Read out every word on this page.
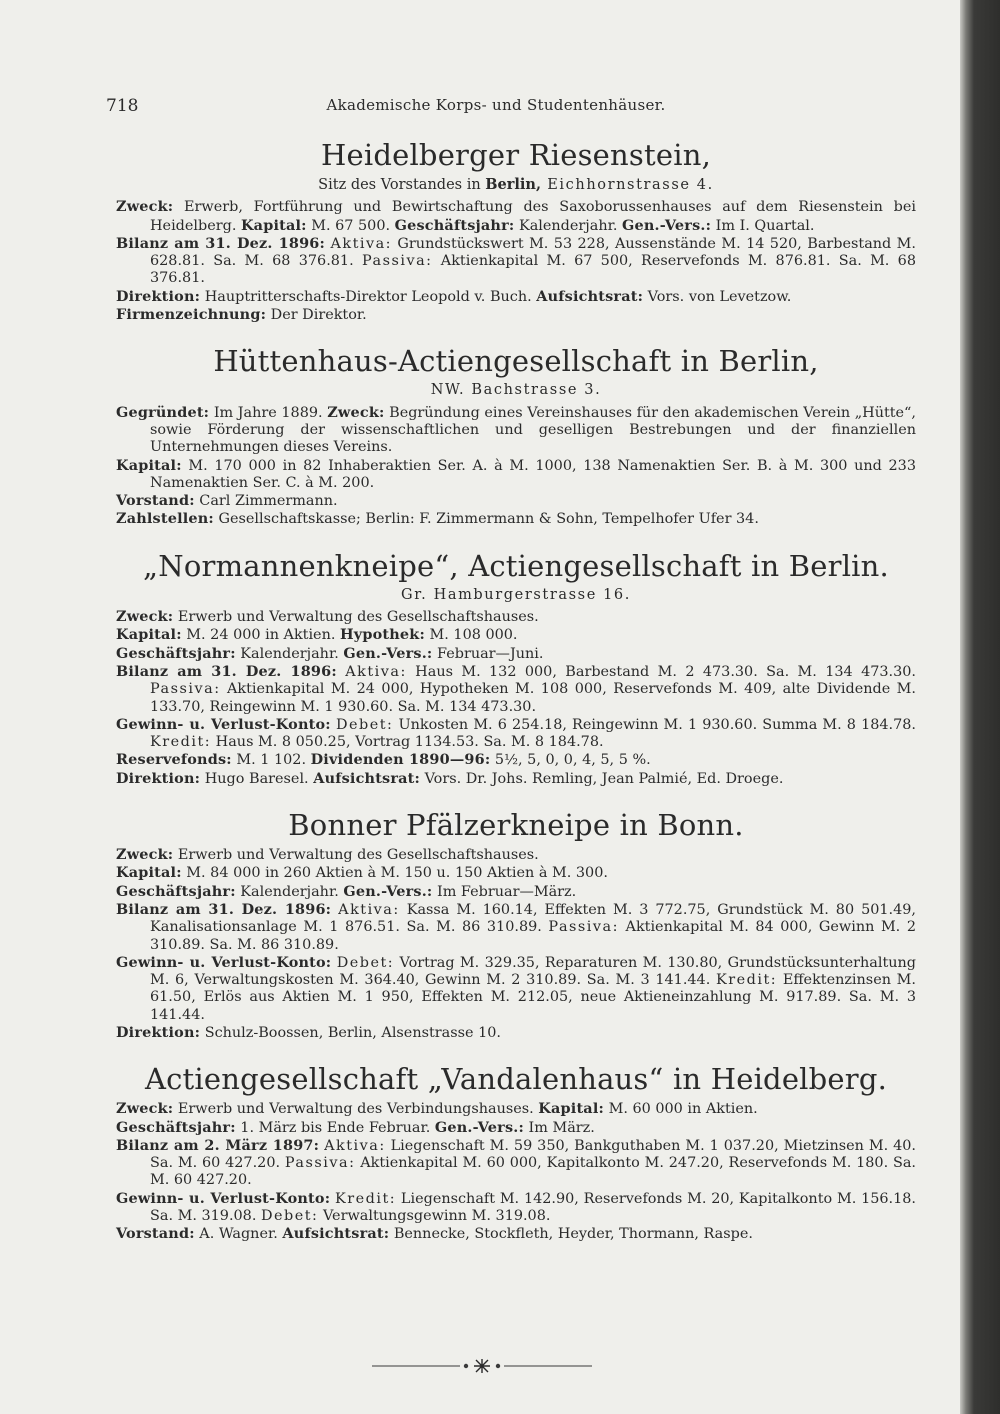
718	Akademische Korps- und Studentenhäuser.
Heidelberger Riesenstein,
Sitz des Vorstandes in Berlin, Eichhornstrasse 4.
Zweck: Erwerb, Fortführung und Bewirtschaftung des Saxoborussenhauses auf dem Riesenstein bei Heidelberg. Kapital: M. 67 500. Geschäftsjahr: Kalenderjahr. Gen.-Vers.: Im I. Quartal.
Bilanz am 31. Dez. 1896: Aktiva: Grundstückswert M. 53 228, Aussenstände M. 14 520, Barbestand M. 628.81. Sa. M. 68 376.81. Passiva: Aktienkapital M. 67 500, Reservefonds M. 876.81. Sa. M. 68 376.81.
Direktion: Hauptritterschafts-Direktor Leopold v. Buch. Aufsichtsrat: Vors. von Levetzow.
Firmenzeichnung: Der Direktor.
Hüttenhaus-Actiengesellschaft in Berlin,
NW. Bachstrasse 3.
Gegründet: Im Jahre 1889. Zweck: Begründung eines Vereinshauses für den akademischen Verein „Hütte“, sowie Förderung der wissenschaftlichen und geselligen Bestrebungen und der finanziellen Unternehmungen dieses Vereins.
Kapital: M. 170 000 in 82 Inhaberaktien Ser. A. à M. 1000, 138 Namenaktien Ser. B. à M. 300 und 233 Namenaktien Ser. C. à M. 200.
Vorstand: Carl Zimmermann.
Zahlstellen: Gesellschaftskasse; Berlin: F. Zimmermann & Sohn, Tempelhofer Ufer 34.
„Normannenkneipe“, Actiengesellschaft in Berlin.
Gr. Hamburgerstrasse 16.
Zweck: Erwerb und Verwaltung des Gesellschaftshauses.
Kapital: M. 24 000 in Aktien. Hypothek: M. 108 000.
Geschäftsjahr: Kalenderjahr. Gen.-Vers.: Februar—Juni.
Bilanz am 31. Dez. 1896: Aktiva: Haus M. 132 000, Barbestand M. 2 473.30. Sa. M. 134 473.30. Passiva: Aktienkapital M. 24 000, Hypotheken M. 108 000, Reservefonds M. 409, alte Dividende M. 133.70, Reingewinn M. 1 930.60. Sa. M. 134 473.30.
Gewinn- u. Verlust-Konto: Debet: Unkosten M. 6 254.18, Reingewinn M. 1 930.60. Summa M. 8 184.78. Kredit: Haus M. 8 050.25, Vortrag 1134.53. Sa. M. 8 184.78.
Reservefonds: M. 1 102. Dividenden 1890—96: 5½, 5, 0, 0, 4, 5, 5 %.
Direktion: Hugo Baresel. Aufsichtsrat: Vors. Dr. Johs. Remling, Jean Palmié, Ed. Droege.
Bonner Pfälzerkneipe in Bonn.
Zweck: Erwerb und Verwaltung des Gesellschaftshauses.
Kapital: M. 84 000 in 260 Aktien à M. 150 u. 150 Aktien à M. 300.
Geschäftsjahr: Kalenderjahr. Gen.-Vers.: Im Februar—März.
Bilanz am 31. Dez. 1896: Aktiva: Kassa M. 160.14, Effekten M. 3 772.75, Grundstück M. 80 501.49, Kanalisationsanlage M. 1 876.51. Sa. M. 86 310.89. Passiva: Aktienkapital M. 84 000, Gewinn M. 2 310.89. Sa. M. 86 310.89.
Gewinn- u. Verlust-Konto: Debet: Vortrag M. 329.35, Reparaturen M. 130.80, Grundstücksunterhaltung M. 6, Verwaltungskosten M. 364.40, Gewinn M. 2 310.89. Sa. M. 3 141.44. Kredit: Effektenzinsen M. 61.50, Erlös aus Aktien M. 1 950, Effekten M. 212.05, neue Aktieneinzahlung M. 917.89. Sa. M. 3 141.44.
Direktion: Schulz-Boossen, Berlin, Alsenstrasse 10.
Actiengesellschaft „Vandalenhaus“ in Heidelberg.
Zweck: Erwerb und Verwaltung des Verbindungshauses. Kapital: M. 60 000 in Aktien.
Geschäftsjahr: 1. März bis Ende Februar. Gen.-Vers.: Im März.
Bilanz am 2. März 1897: Aktiva: Liegenschaft M. 59 350, Bankguthaben M. 1 037.20, Mietzinsen M. 40. Sa. M. 60 427.20. Passiva: Aktienkapital M. 60 000, Kapitalkonto M. 247.20, Reservefonds M. 180. Sa. M. 60 427.20.
Gewinn- u. Verlust-Konto: Kredit: Liegenschaft M. 142.90, Reservefonds M. 20, Kapitalkonto M. 156.18. Sa. M. 319.08. Debet: Verwaltungsgewinn M. 319.08.
Vorstand: A. Wagner. Aufsichtsrat: Bennecke, Stockfleth, Heyder, Thormann, Raspe.
